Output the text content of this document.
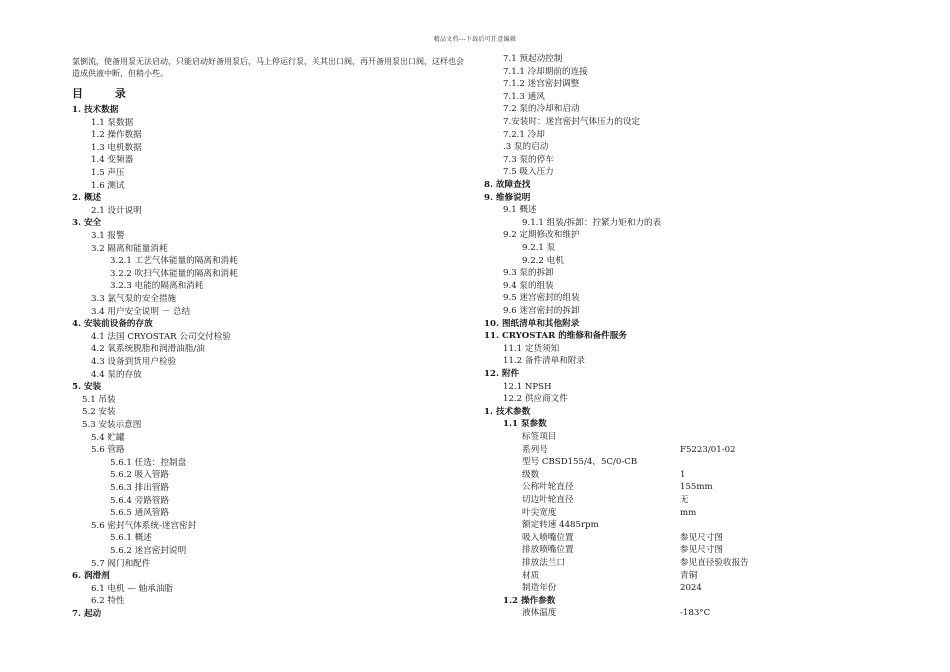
精品文档---下载后可任意编辑
氯倒流，使备用泵无法启动，只能启动好备用泵后，马上停运行泵，关其出口阀，再开备用泵出口阀，这样也会造成供液中断，但稍小些。
目 录
1. 技术数据
1.1 泵数据
1.2 操作数据
1.3 电机数据
1.4 变频器
1.5 声压
1.6 测试
2. 概述
2.1 设计说明
3. 安全
3.1 报警
3.2 隔离和能量消耗
3.2.1 工艺气体能量的隔离和消耗
3.2.2 吹扫气体能量的隔离和消耗
3.2.3 电能的隔离和消耗
3.3 氯气泵的安全措施
3.4 用户安全说明 － 总结
4. 安装前设备的存放
4.1 法国 CRYOSTAR 公司交付检验
4.2 氧系统脱脂和润滑油脂/油
4.3 设备到货用户检验
4.4 泵的存放
5. 安装
5.1 吊装
5.2 安装
5.3 安装示意图
5.4 贮罐
5.6 管路
5.6.1 任选：控制盘
5.6.2 吸入管路
5.6.3 排出管路
5.6.4 旁路管路
5.6.5 通风管路
5.6 密封气体系统-迷宫密封
5.6.1 概述
5.6.2 迷宫密封说明
5.7 阀门和配件
6. 润滑剂
6.1 电机 — 轴承油脂
6.2 特性
7. 起动
7.1 预起动控制
7.1.1 冷却期前的连接
7.1.2 迷宫密封调整
7.1.3 通风
7.2 泵的冷却和启动
7.安装时：迷宫密封气体压力的设定
7.2.1 冷却
.3 泵的启动
7.3 泵的停车
7.5 吸入压力
8. 故障查找
9. 维修说明
9.1 概述
9.1.1 组装/拆卸：拧紧力矩和力的表
9.2 定期修改和维护
9.2.1 泵
9.2.2 电机
9.3 泵的拆卸
9.4 泵的组装
9.5 迷宫密封的组装
9.6 迷宫密封的拆卸
10. 图纸清单和其他附录
11. CRYOSTAR 的维修和备件服务
11.1 定货须知
11.2 备件清单和附录
12. 附件
12.1 NPSH
12.2 供应商文件
1. 技术参数
1.1 泵参数
标签项目
系列号	F5223/01-02
型号 CBSD155/4，5C/0-CB
级数	1
公称叶轮直径	155mm
切边叶轮直径	无
叶尖宽度	mm
额定转速 4485rpm
吸入喷嘴位置	参见尺寸图
排放喷嘴位置	参见尺寸图
排放法兰口	参见直径验收报告
材质	青铜
制造年份	2024
1.2 操作参数
液体温度	-183°C
